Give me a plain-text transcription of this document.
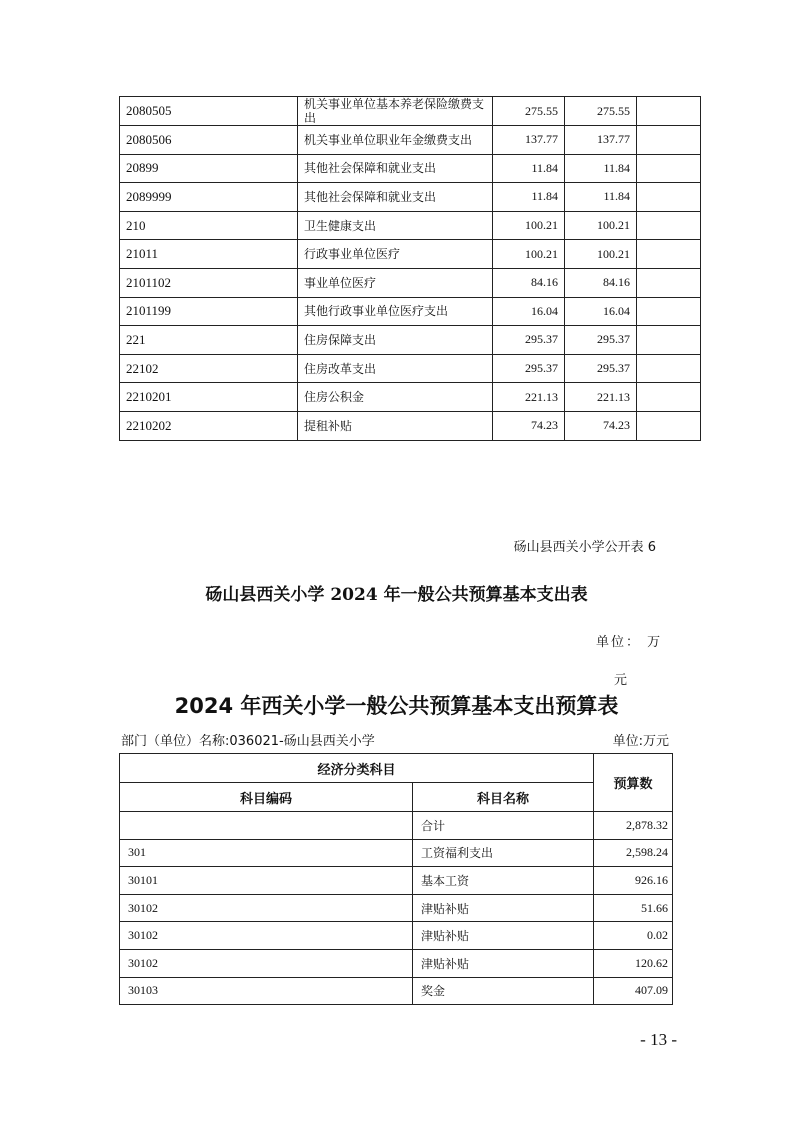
2080505	机关事业单位基本养老保险缴费支出	275.55	275.55	
2080506	机关事业单位职业年金缴费支出	137.77	137.77	
20899	其他社会保障和就业支出	11.84	11.84	
2089999	其他社会保障和就业支出	11.84	11.84	
210	卫生健康支出	100.21	100.21	
21011	行政事业单位医疗	100.21	100.21	
2101102	事业单位医疗	84.16	84.16	
2101199	其他行政事业单位医疗支出	16.04	16.04	
221	住房保障支出	295.37	295.37	
22102	住房改革支出	295.37	295.37	
2210201	住房公积金	221.13	221.13	
2210202	提租补贴	74.23	74.23	
砀山县西关小学公开表 6
砀山县西关小学 2024 年一般公共预算基本支出表
单位： 万
元
2024 年西关小学一般公共预算基本支出预算表
部门（单位）名称:036021-砀山县西关小学	单位:万元
经济分类科目		预算数
科目编码	科目名称	
	合计	2,878.32
301	工资福利支出	2,598.24
30101	基本工资	926.16
30102	津贴补贴	51.66
30102	津贴补贴	0.02
30102	津贴补贴	120.62
30103	奖金	407.09
- 13 -
